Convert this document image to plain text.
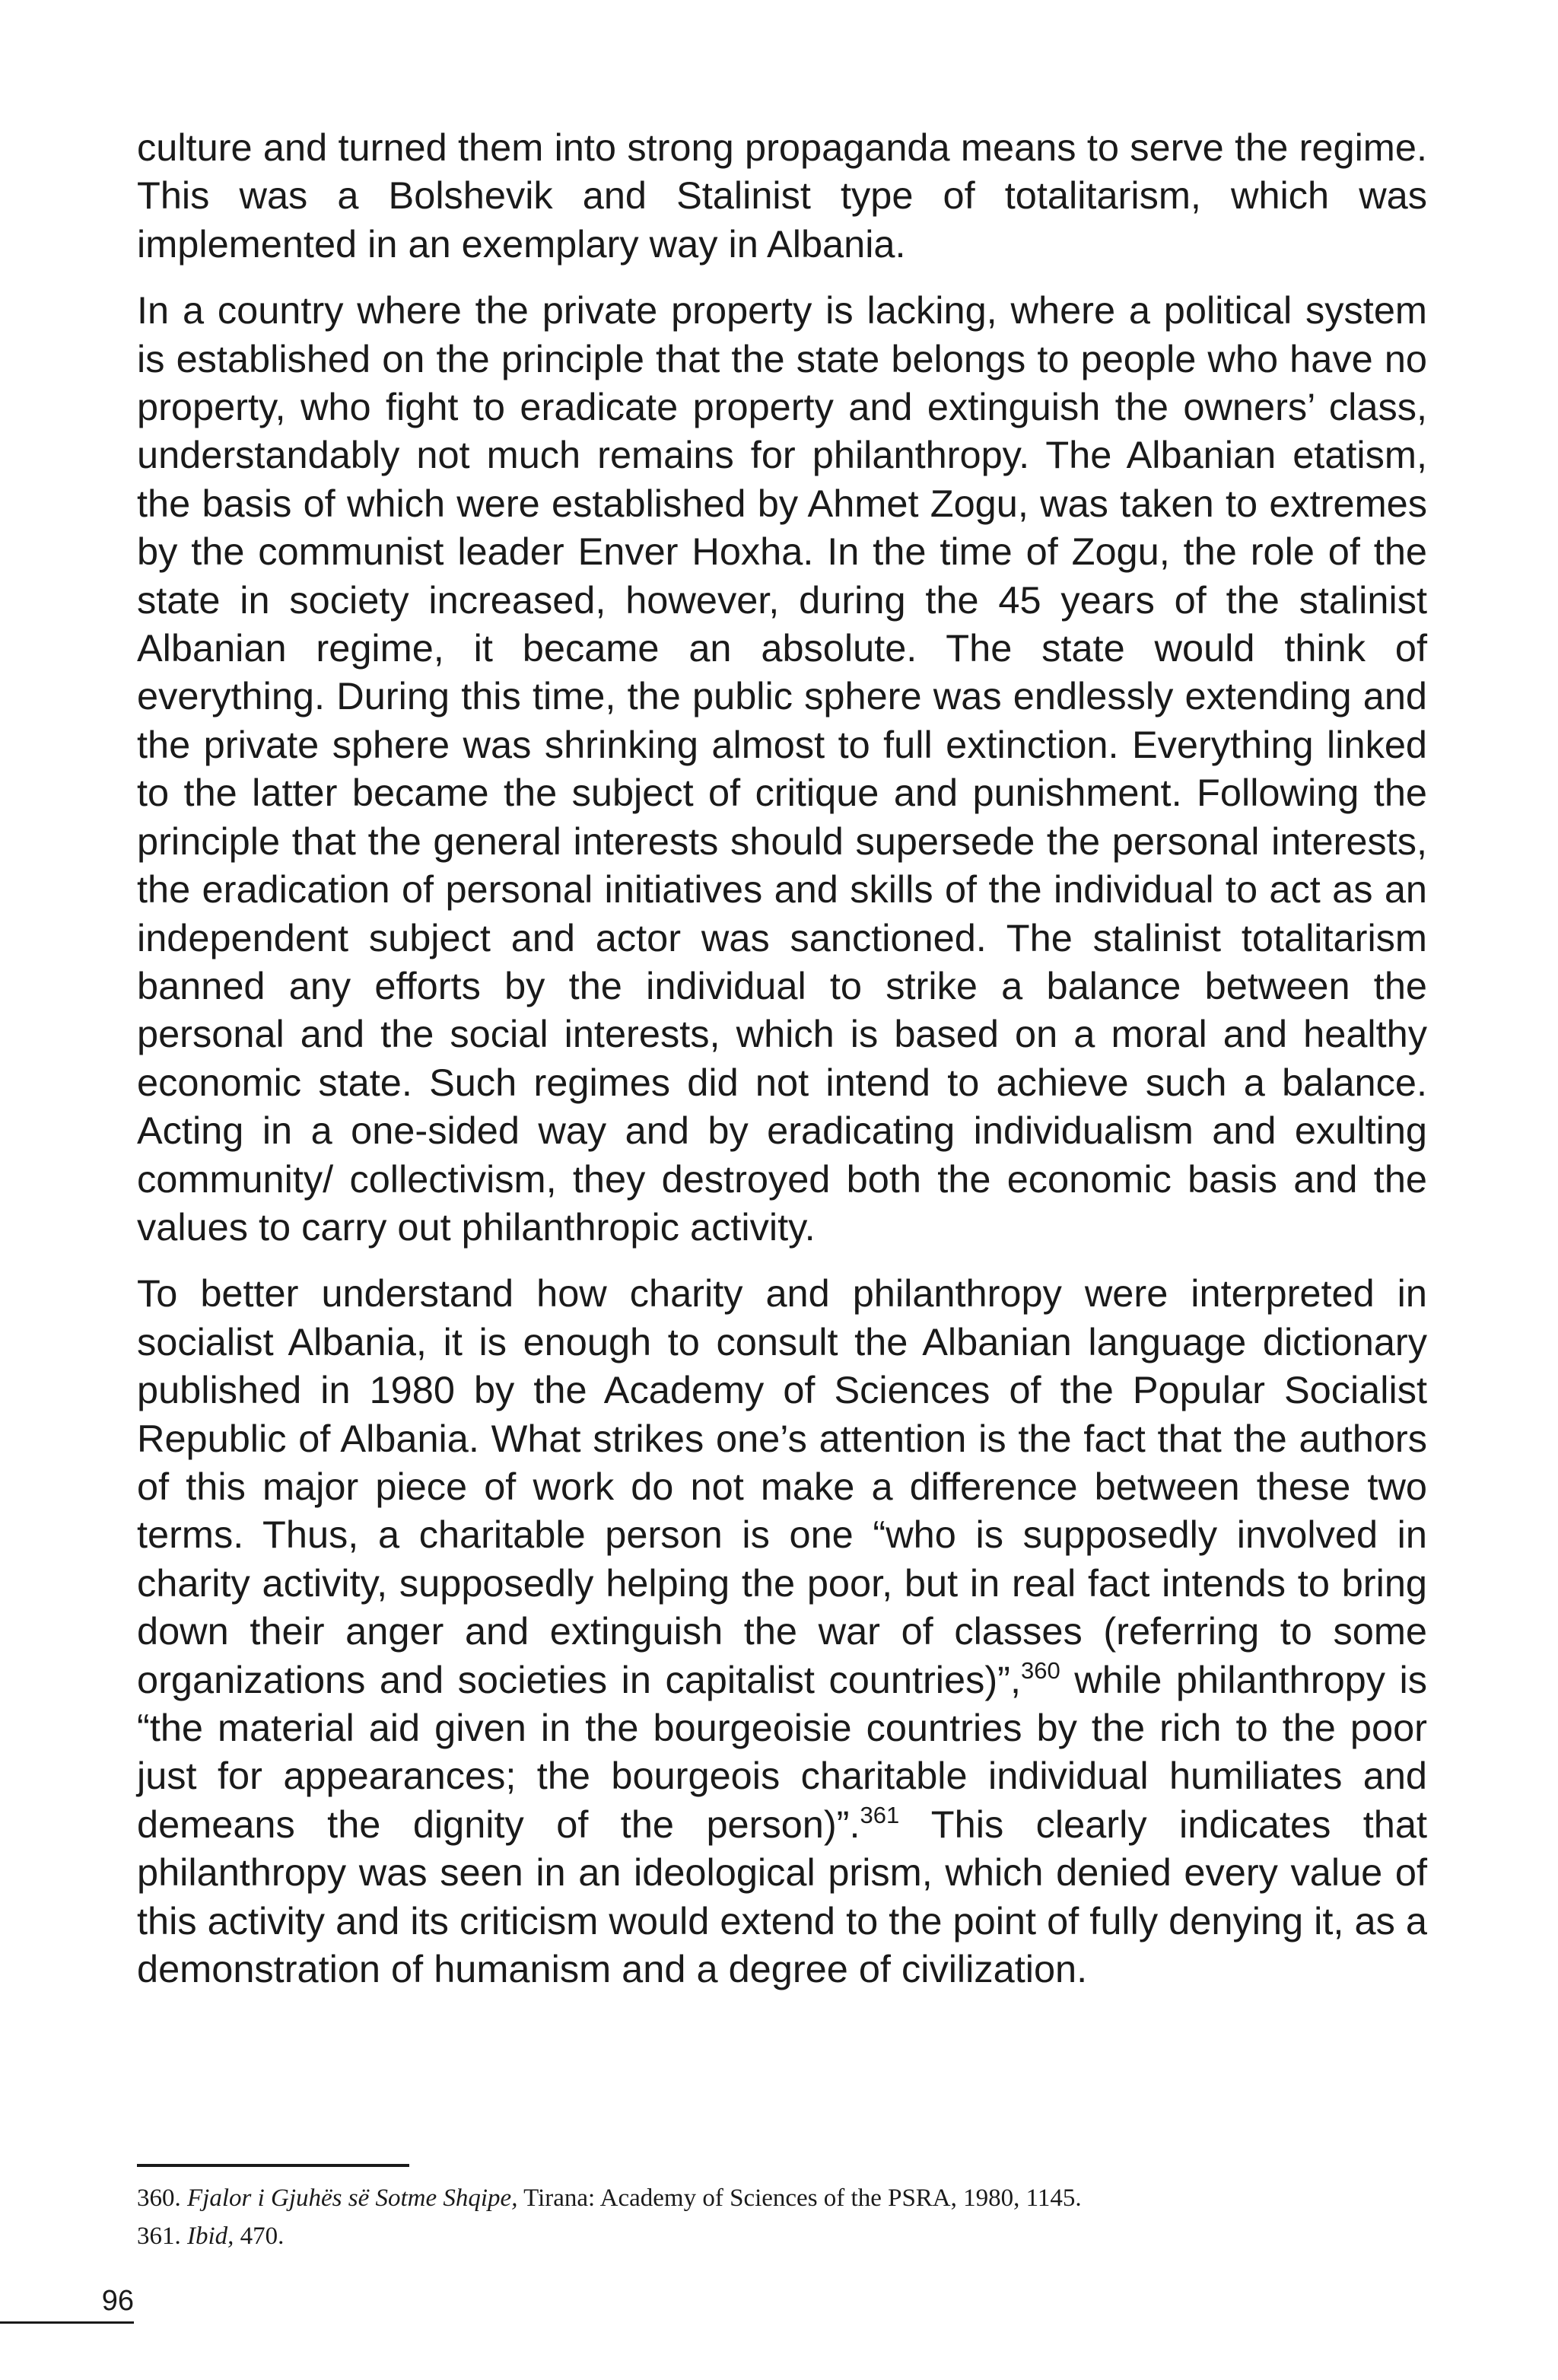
culture and turned them into strong propaganda means to serve the regime. This was a Bolshevik and Stalinist type of totalitarism, which was implemented in an exemplary way in Albania.

In a country where the private property is lacking, where a political system is established on the principle that the state belongs to people who have no property, who fight to eradicate property and extinguish the owners’ class, understandably not much remains for philanthropy. The Albanian etatism, the basis of which were established by Ahmet Zogu, was taken to extremes by the communist leader Enver Hoxha. In the time of Zogu, the role of the state in society increased, however, during the 45 years of the stalinist Albanian regime, it became an absolute. The state would think of everything. During this time, the public sphere was endlessly extending and the private sphere was shrinking almost to full extinction. Everything linked to the latter became the subject of critique and punishment. Following the principle that the general interests should supersede the personal interests, the eradication of personal initiatives and skills of the individual to act as an independent subject and actor was sanctioned. The stalinist totalitarism banned any efforts by the individual to strike a balance between the personal and the social interests, which is based on a moral and healthy economic state. Such regimes did not intend to achieve such a balance. Acting in a one-sided way and by eradicating individualism and exulting community/ collectivism, they destroyed both the economic basis and the values to carry out philanthropic activity.

To better understand how charity and philanthropy were interpreted in socialist Albania, it is enough to consult the Albanian language dictionary published in 1980 by the Academy of Sciences of the Popular Socialist Republic of Albania. What strikes one’s attention is the fact that the authors of this major piece of work do not make a difference between these two terms. Thus, a charitable person is one “who is supposedly involved in charity activity, supposedly helping the poor, but in real fact intends to bring down their anger and extinguish the war of classes (referring to some organizations and societies in capitalist countries)”,$^{360}$ while philanthropy is “the material aid given in the bourgeoisie countries by the rich to the poor just for appearances; the bourgeois charitable individual humiliates and demeans the dignity of the person)”.$^{361}$ This clearly indicates that philanthropy was seen in an ideological prism, which denied every value of this activity and its criticism would extend to the point of fully denying it, as a demonstration of humanism and a degree of civilization.

360. Fjalor i Gjuhës së Sotme Shqipe, Tirana: Academy of Sciences of the PSRA, 1980, 1145.

361. Ibid, 470.

96
